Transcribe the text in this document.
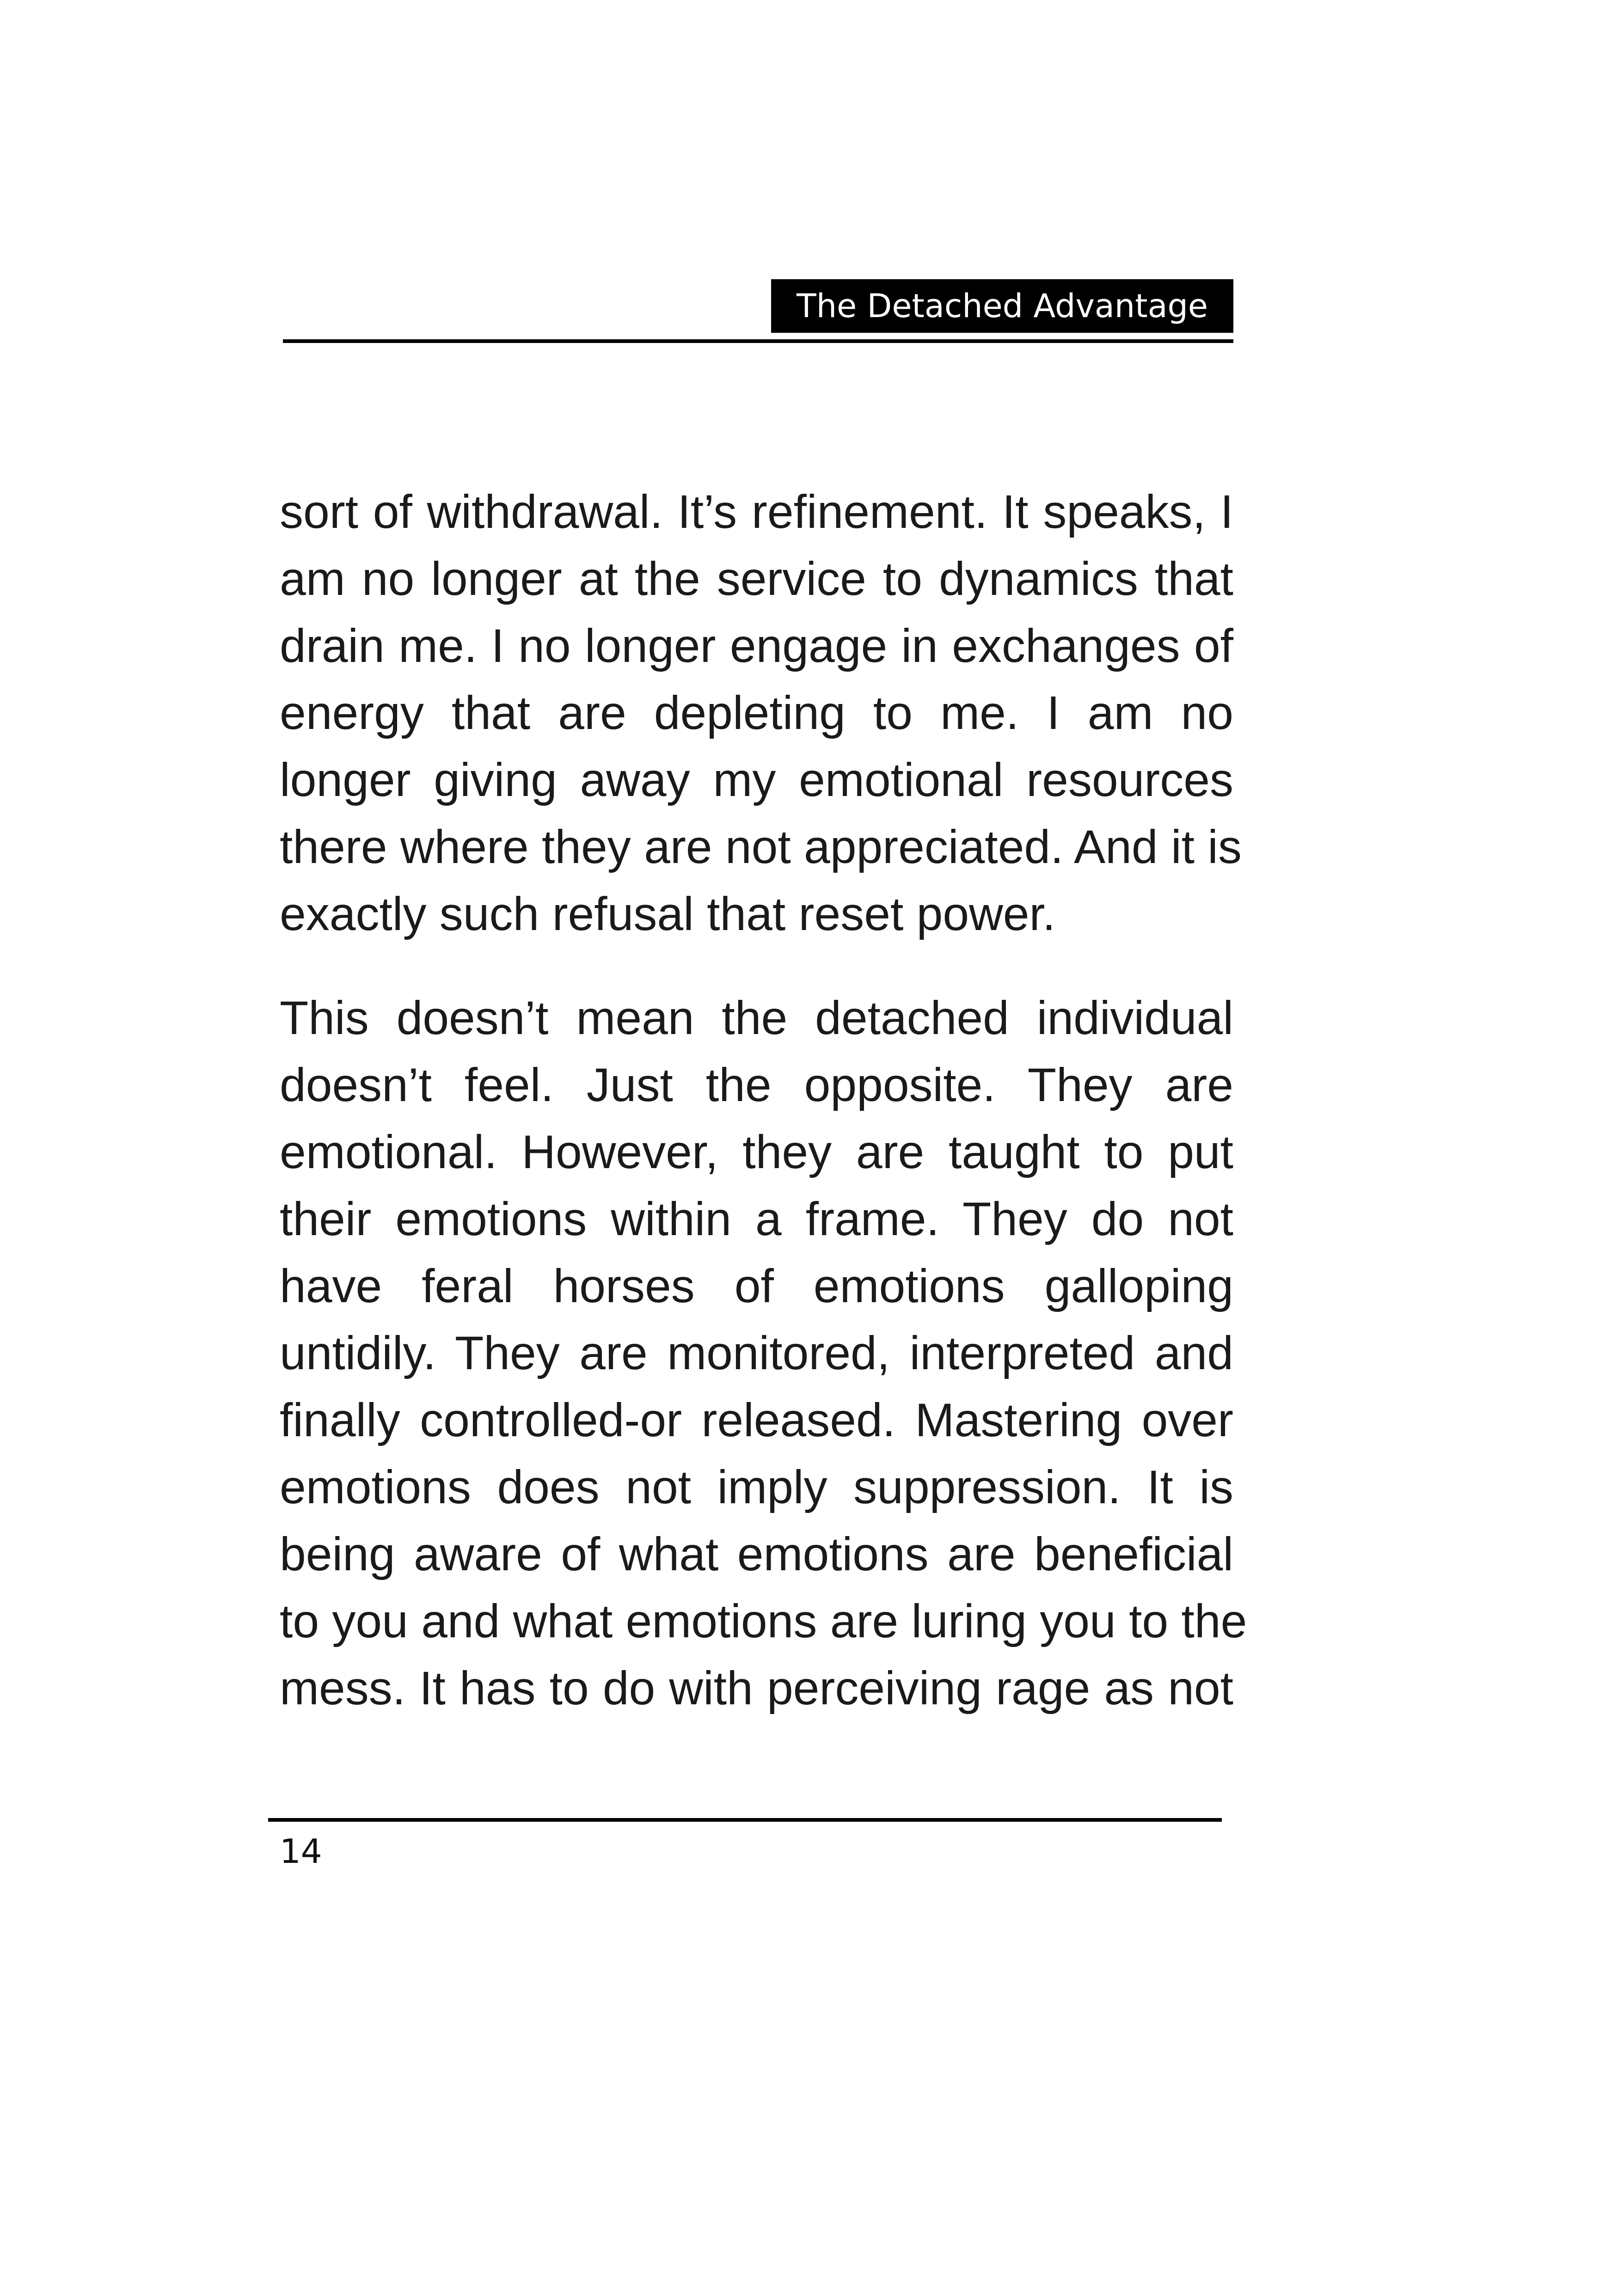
The Detached Advantage

sort of withdrawal. It’s refinement. It speaks, I
am no longer at the service to dynamics that
drain me. I no longer engage in exchanges of
energy that are depleting to me. I am no
longer giving away my emotional resources
there where they are not appreciated. And it is
exactly such refusal that reset power.

This doesn’t mean the detached individual
doesn’t feel. Just the opposite. They are
emotional. However, they are taught to put
their emotions within a frame. They do not
have feral horses of emotions galloping
untidily. They are monitored, interpreted and
finally controlled-or released. Mastering over
emotions does not imply suppression. It is
being aware of what emotions are beneficial
to you and what emotions are luring you to the
mess. It has to do with perceiving rage as not

14
